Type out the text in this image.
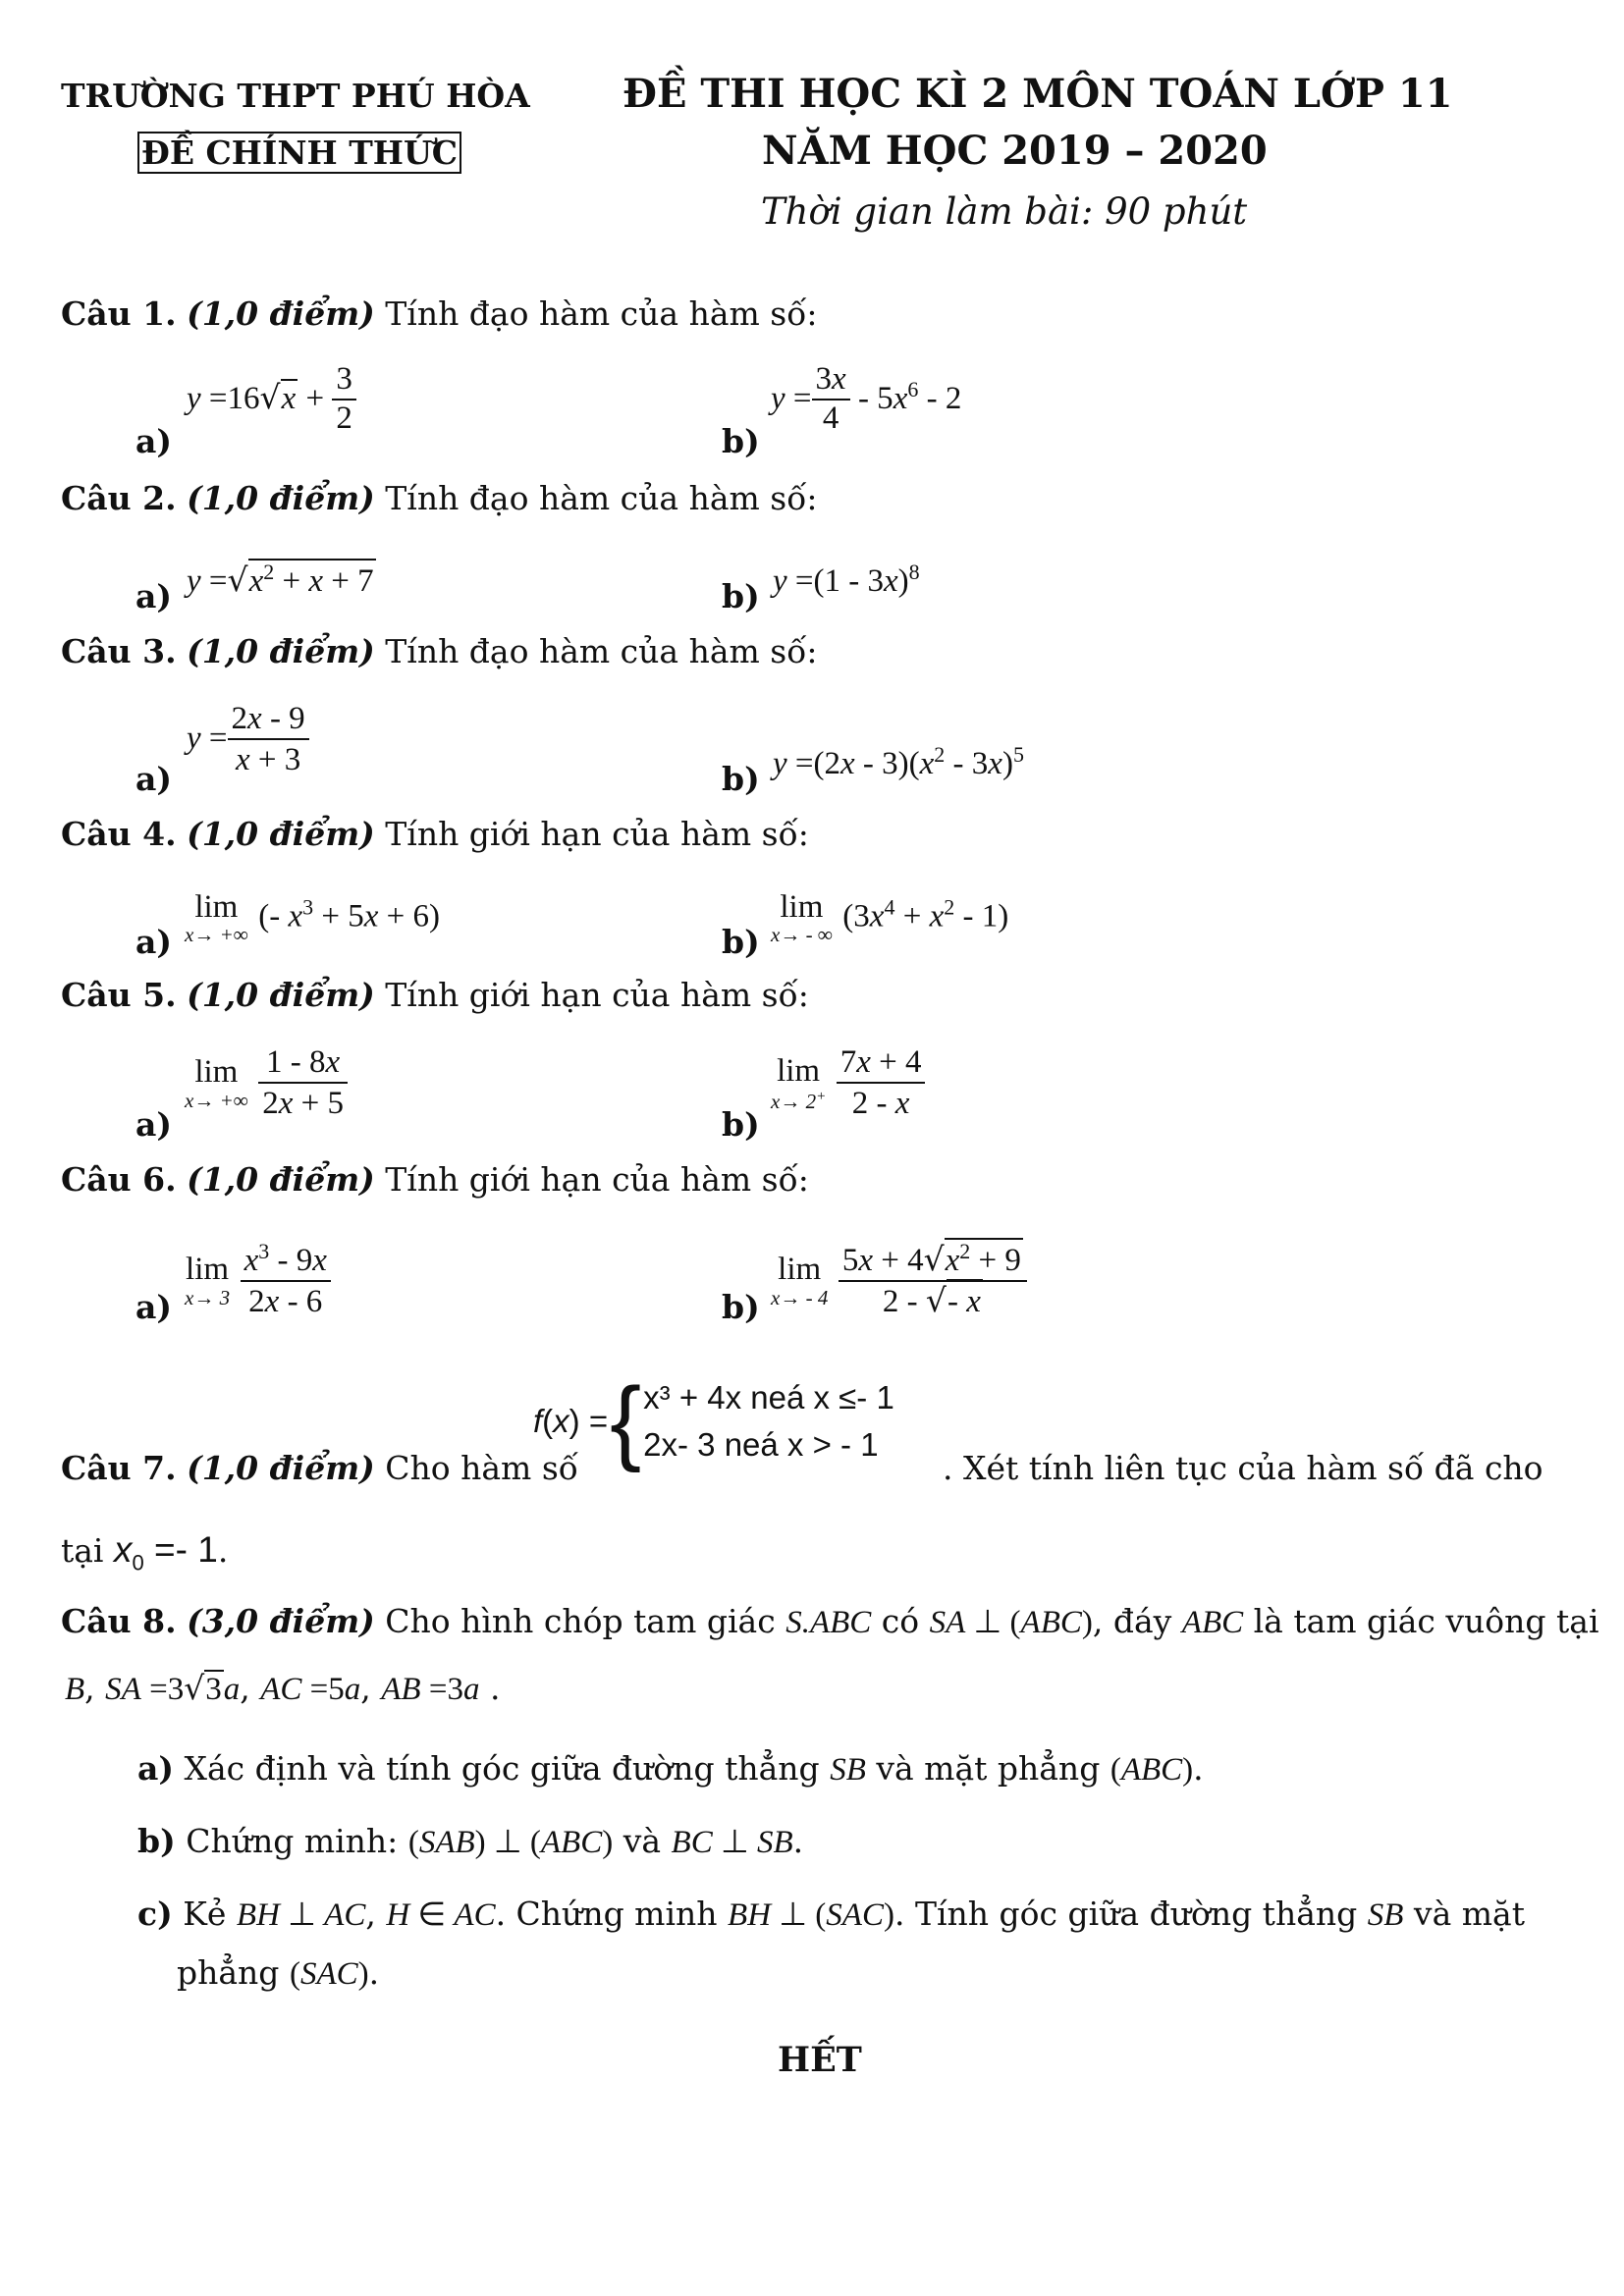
TRƯỜNG THPT PHÚ HÒA
ĐỀ CHÍNH THỨC
ĐỀ THI HỌC KÌ 2 MÔN TOÁN LỚP 11
NĂM HỌC 2019 – 2020
Thời gian làm bài: 90 phút
Câu 1. (1,0 điểm) Tính đạo hàm của hàm số:
a)
$y =16√x + \frac{3}{2}$
b)
$y = \frac{3x}{4} - 5x^6 - 2$
Câu 2. (1,0 điểm) Tính đạo hàm của hàm số:
a) $y =√x^2 + x + 7$	b) y =(1 - 3x)$^8$
Câu 3. (1,0 điểm) Tính đạo hàm của hàm số:
a)
$y = \frac{2x - 9}{x + 3}$	b) $y =(2x - 3)(x^2 - 3x)^5$
Câu 4. (1,0 điểm) Tính giới hạn của hàm số:
a)
lim
x→ +∞
(- $x^3 + 5x + 6$)
b)
lim
x→ - ∞
$(3x^4 + x^2 - 1)$
Câu 5. (1,0 điểm) Tính giới hạn của hàm số:
a)
lim
x→ +∞
$\frac{1 - 8x}{2x + 5}$
b)
lim
x→ 2+
$\frac{7x + 4}{2 - x}$
Câu 6. (1,0 điểm) Tính giới hạn của hàm số:
a)
lim
x→ 3
$\frac{x^3 - 9x}{2x - 6}$	b)
lim
x→ - 4
$\frac{5x + 4√x^2 + 9}{2 - √- x}$
Câu 7. (1,0 điểm) Cho hàm số
f(x) ={ x³ + 4x neá x ≤- 1
2x- 3 neá x > - 1
. Xét tính liên tục của hàm số đã cho
tại $x_0 =- 1$.
Câu 8. (3,0 điểm) Cho hình chóp tam giác S.ABC có SA ⊥ (ABC), đáy ABC là tam giác vuông tại
B, SA =3√3a, AC =5a, AB =3a .
a) Xác định và tính góc giữa đường thẳng SB và mặt phẳng (ABC).
b) Chứng minh: (SAB) ⊥ (ABC) và BC ⊥ SB.
c) Kẻ BH ⊥ AC, H ∈ AC. Chứng minh BH ⊥ (SAC). Tính góc giữa đường thẳng SB và mặt
phẳng (SAC).
HẾT
